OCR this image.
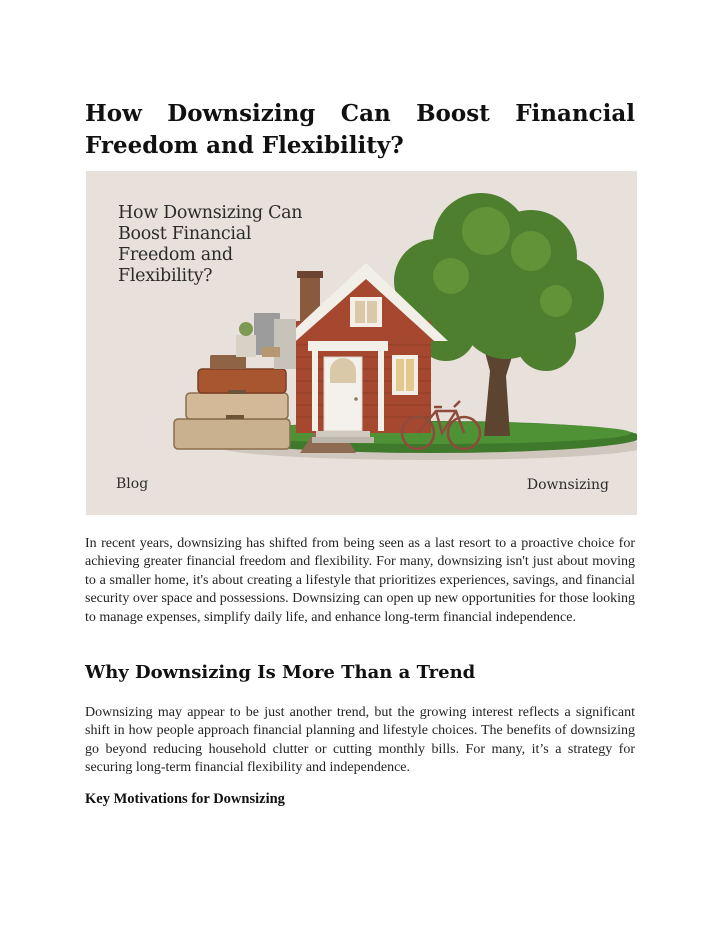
How Downsizing Can Boost Financial Freedom and Flexibility?
How Downsizing Can Boost Financial Freedom and Flexibility?
Blog	Downsizing

In recent years, downsizing has shifted from being seen as a last resort to a proactive choice for achieving greater financial freedom and flexibility. For many, downsizing isn't just about moving to a smaller home, it's about creating a lifestyle that prioritizes experiences, savings, and financial security over space and possessions. Downsizing can open up new opportunities for those looking to manage expenses, simplify daily life, and enhance long-term financial independence.

Why Downsizing Is More Than a Trend

Downsizing may appear to be just another trend, but the growing interest reflects a significant shift in how people approach financial planning and lifestyle choices. The benefits of downsizing go beyond reducing household clutter or cutting monthly bills. For many, it’s a strategy for securing long-term financial flexibility and independence.

Key Motivations for Downsizing
